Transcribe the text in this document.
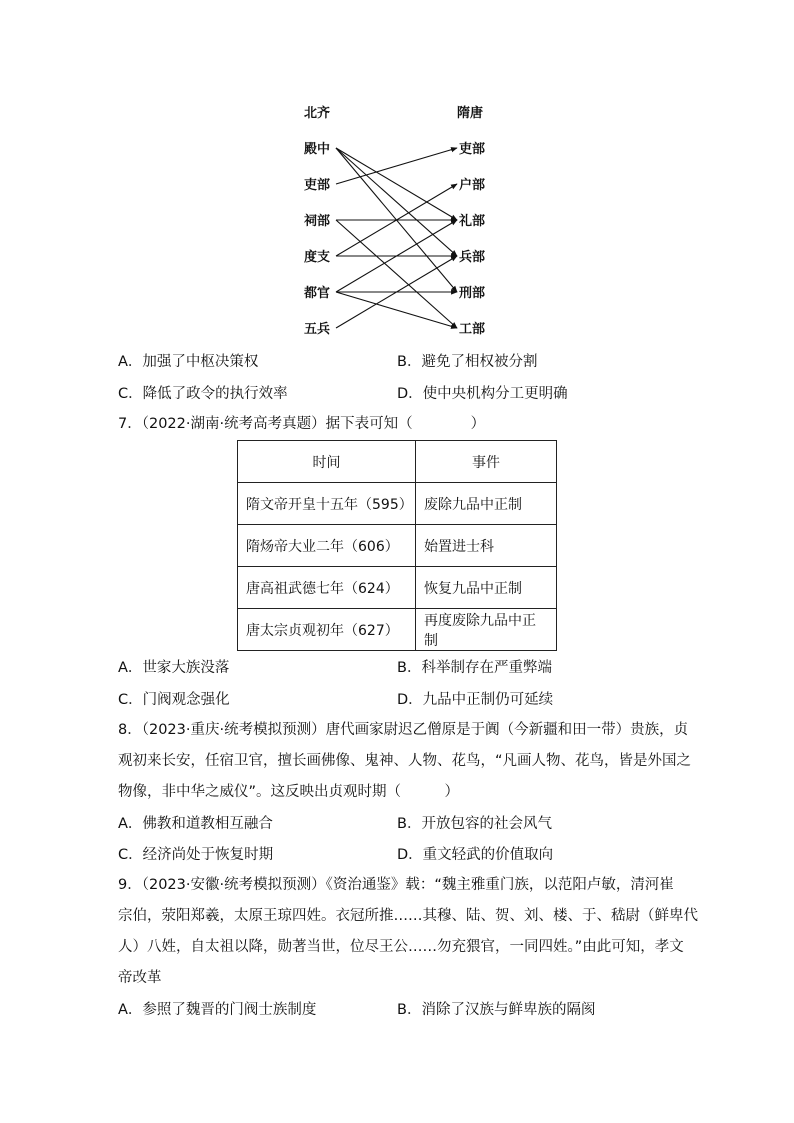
北齐	隋唐
殿中
吏部
祠部
度支
都官
五兵
吏部
户部
礼部
兵部
刑部
工部
A．加强了中枢决策权	B．避免了相权被分割
C．降低了政令的执行效率	D．使中央机构分工更明确
7．（2022·湖南·统考高考真题）据下表可知（　　　　）
时间	事件
隋文帝开皇十五年（595）	废除九品中正制
隋炀帝大业二年（606）	始置进士科
唐高祖武德七年（624）	恢复九品中正制
唐太宗贞观初年（627）	再度废除九品中正制
A．世家大族没落	B．科举制存在严重弊端
C．门阀观念强化	D．九品中正制仍可延续
8．（2023·重庆·统考模拟预测）唐代画家尉迟乙僧原是于阗（今新疆和田一带）贵族，贞
观初来长安，任宿卫官，擅长画佛像、鬼神、人物、花鸟，“凡画人物、花鸟，皆是外国之
物像，非中华之威仪”。这反映出贞观时期（　　　）
A．佛教和道教相互融合	B．开放包容的社会风气
C．经济尚处于恢复时期	D．重文轻武的价值取向
9．（2023·安徽·统考模拟预测）《资治通鉴》载：“魏主雅重门族，以范阳卢敏，清河崔
宗伯，荥阳郑羲，太原王琼四姓。衣冠所推……其穆、陆、贺、刘、楼、于、嵇尉（鲜卑代
人）八姓，自太祖以降，勋著当世，位尽王公……勿充猥官，一同四姓。”由此可知，孝文
帝改革
A．参照了魏晋的门阀士族制度	B．消除了汉族与鲜卑族的隔阂
